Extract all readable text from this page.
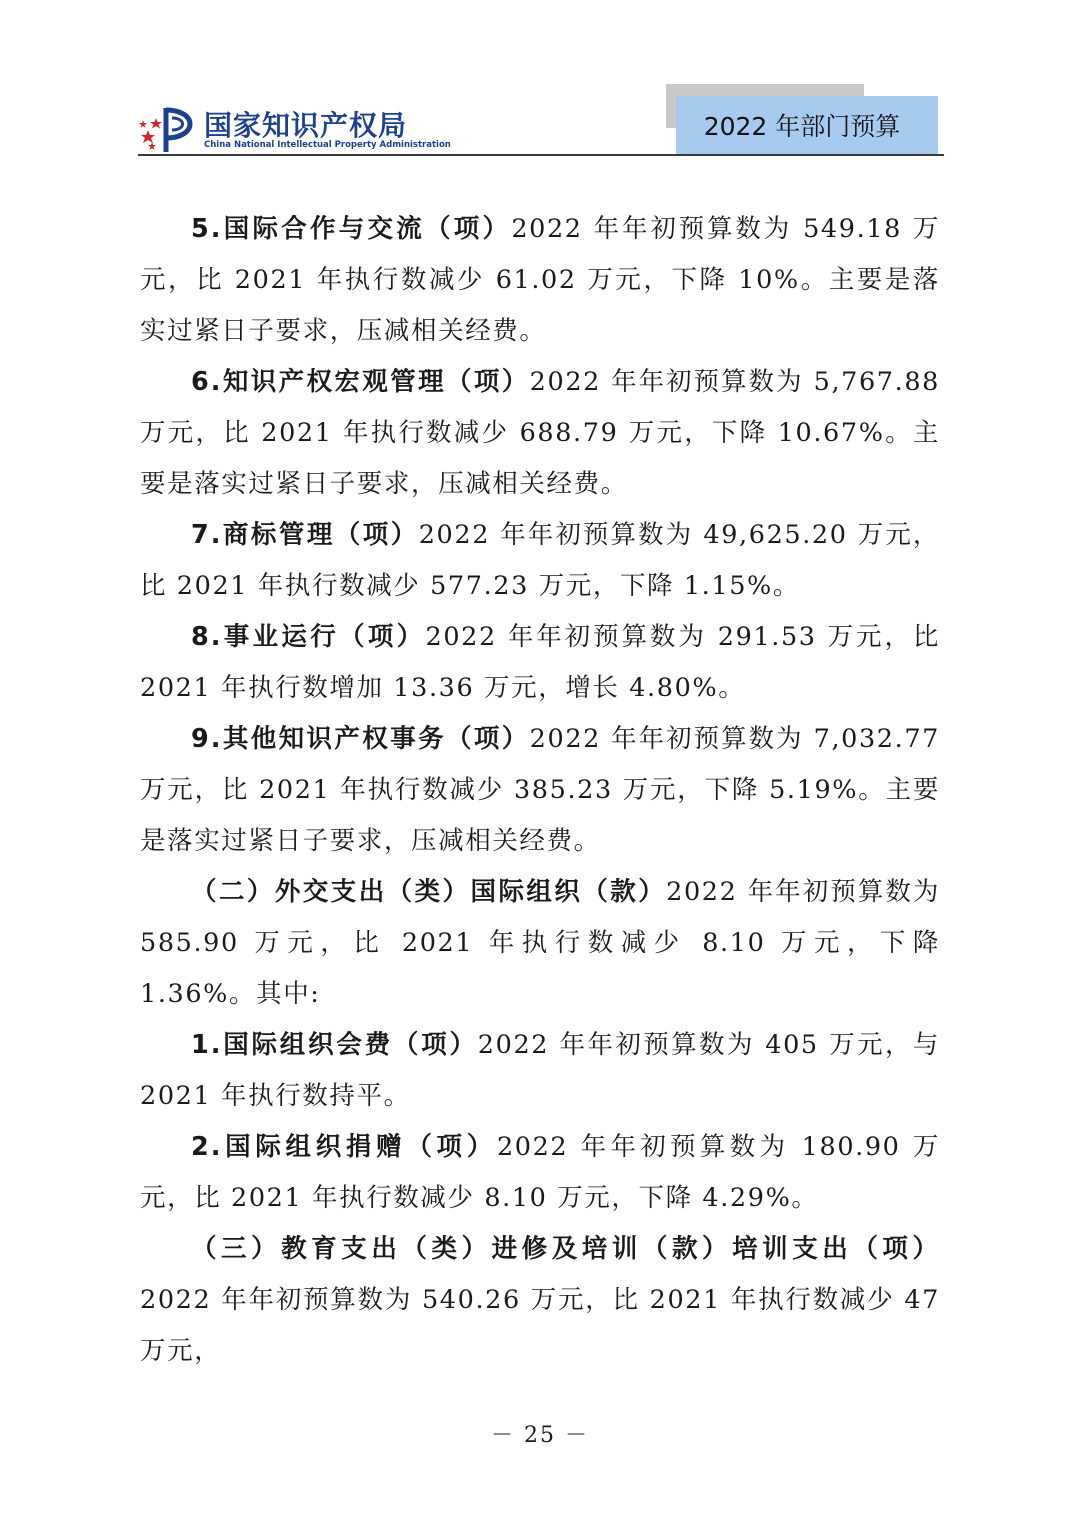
国家知识产权局
China National Intellectual Property Administration
2022 年部门预算

5.国际合作与交流（项）2022 年年初预算数为 549.18 万元，比 2021 年执行数减少 61.02 万元，下降 10%。主要是落实过紧日子要求，压减相关经费。

6.知识产权宏观管理（项）2022 年年初预算数为 5,767.88 万元，比 2021 年执行数减少 688.79 万元，下降 10.67%。主要是落实过紧日子要求，压减相关经费。

7.商标管理（项）2022 年年初预算数为 49,625.20 万元，比 2021 年执行数减少 577.23 万元，下降 1.15%。

8.事业运行（项）2022 年年初预算数为 291.53 万元，比 2021 年执行数增加 13.36 万元，增长 4.80%。

9.其他知识产权事务（项）2022 年年初预算数为 7,032.77 万元，比 2021 年执行数减少 385.23 万元，下降 5.19%。主要是落实过紧日子要求，压减相关经费。

（二）外交支出（类）国际组织（款）2022 年年初预算数为 585.90 万元，比 2021 年执行数减少 8.10 万元，下降 1.36%。其中:

1.国际组织会费（项）2022 年年初预算数为 405 万元，与 2021 年执行数持平。

2.国际组织捐赠（项）2022 年年初预算数为 180.90 万元，比 2021 年执行数减少 8.10 万元，下降 4.29%。

（三）教育支出（类）进修及培训（款）培训支出（项）2022 年年初预算数为 540.26 万元，比 2021 年执行数减少 47 万元，

－ 25 －
